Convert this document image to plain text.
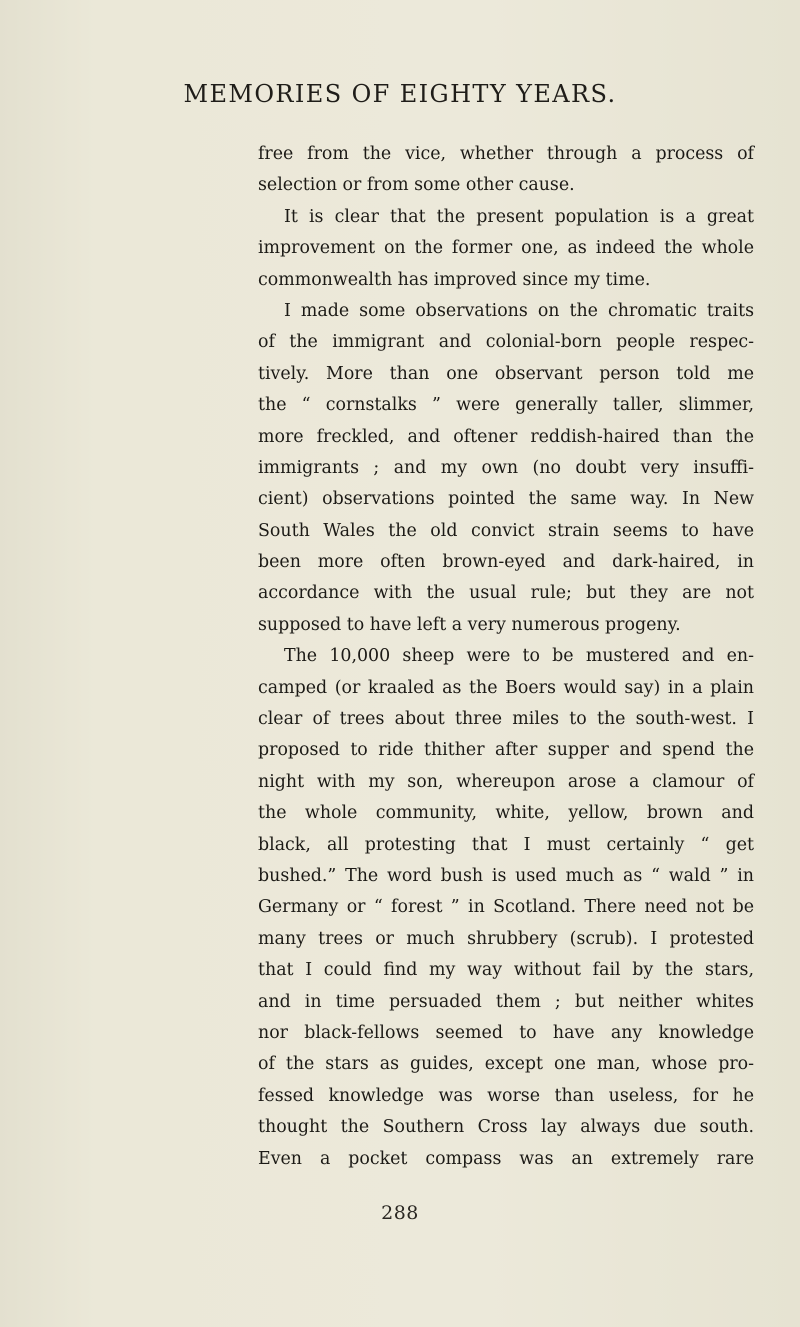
MEMORIES OF EIGHTY YEARS.
free from the vice, whether through a process of
selection or from some other cause.
It is clear that the present population is a great
improvement on the former one, as indeed the whole
commonwealth has improved since my time.
I made some observations on the chromatic traits
of the immigrant and colonial-born people respec-
tively. More than one observant person told me
the “ cornstalks ” were generally taller, slimmer,
more freckled, and oftener reddish-haired than the
immigrants ; and my own (no doubt very insuffi-
cient) observations pointed the same way. In New
South Wales the old convict strain seems to have
been more often brown-eyed and dark-haired, in
accordance with the usual rule; but they are not
supposed to have left a very numerous progeny.
The 10,000 sheep were to be mustered and en-
camped (or kraaled as the Boers would say) in a plain
clear of trees about three miles to the south-west. I
proposed to ride thither after supper and spend the
night with my son, whereupon arose a clamour of
the whole community, white, yellow, brown and
black, all protesting that I must certainly “ get
bushed.” The word bush is used much as “ wald ” in
Germany or “ forest ” in Scotland. There need not be
many trees or much shrubbery (scrub). I protested
that I could find my way without fail by the stars,
and in time persuaded them ; but neither whites
nor black-fellows seemed to have any knowledge
of the stars as guides, except one man, whose pro-
fessed knowledge was worse than useless, for he
thought the Southern Cross lay always due south.
Even a pocket compass was an extremely rare
288
